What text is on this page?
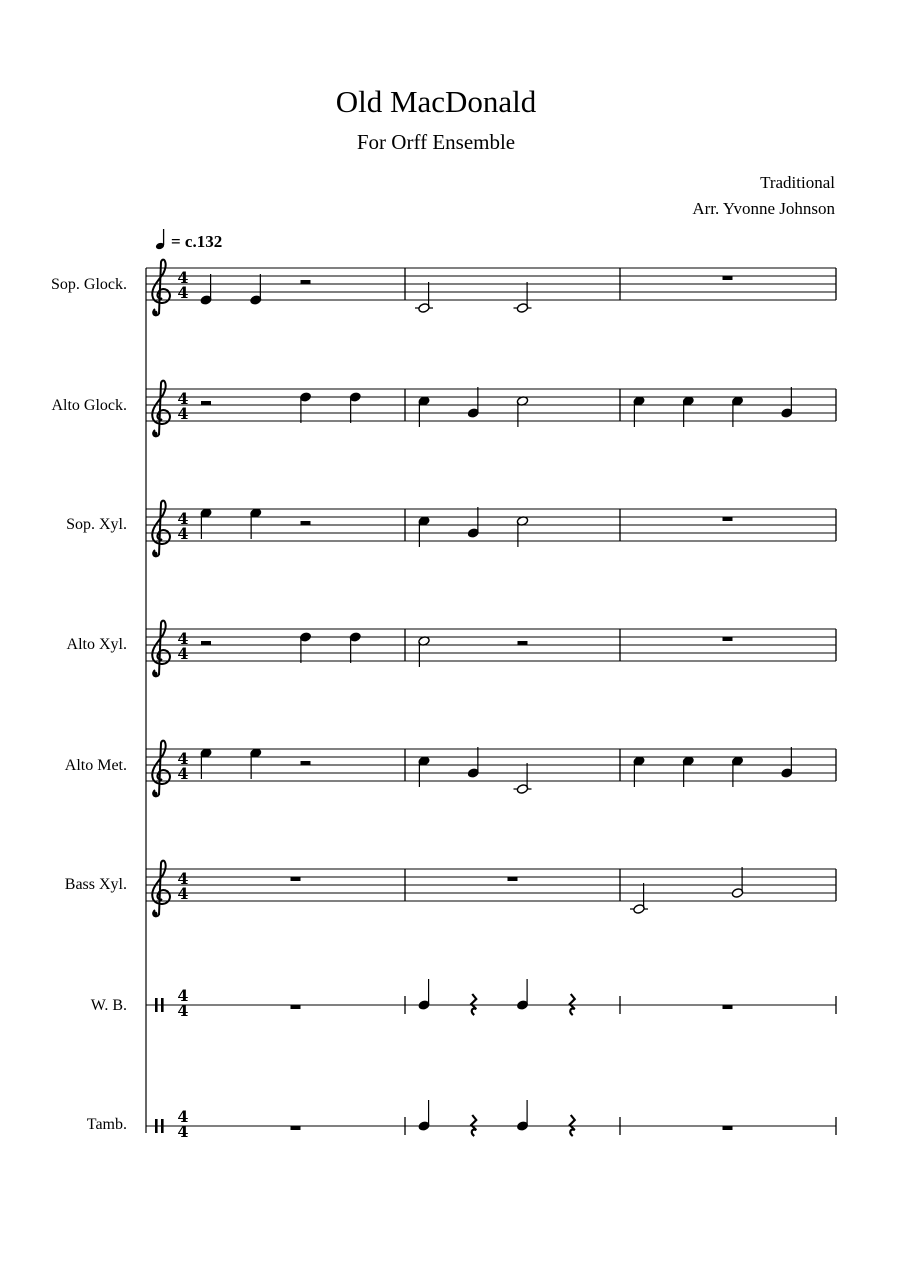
Old MacDonald
For Orff Ensemble
Traditional
Arr. Yvonne Johnson
= c.132
Sop. Glock.
Alto Glock.
Sop. Xyl.
Alto Xyl.
Alto Met.
Bass Xyl.
W. B.
Tamb.
4
4
4
4
4
4
4
4
4
4
4
4
4
4
4
4
